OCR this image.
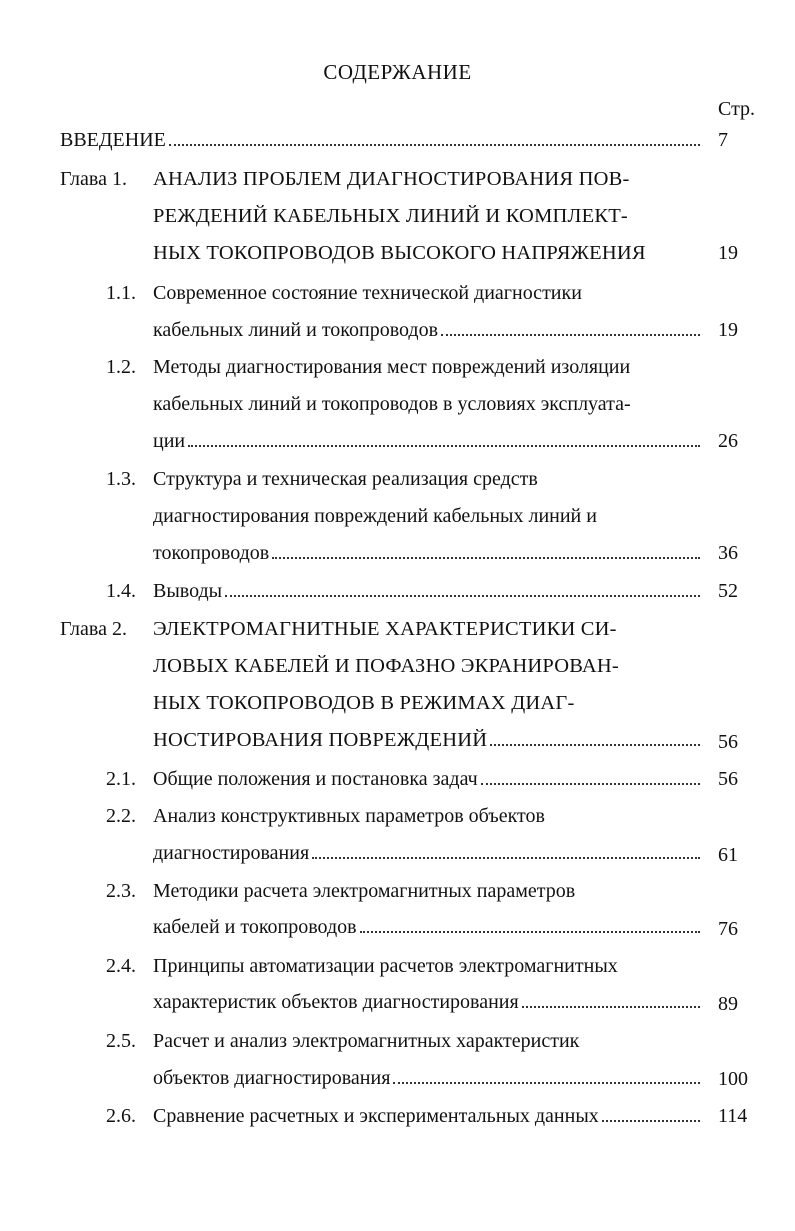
СОДЕРЖАНИЕ
Стр.
ВВЕДЕНИЕ	7
Глава 1. АНАЛИЗ ПРОБЛЕМ ДИАГНОСТИРОВАНИЯ ПОВ-
РЕЖДЕНИЙ КАБЕЛЬНЫХ ЛИНИЙ И КОМПЛЕКТ-
НЫХ ТОКОПРОВОДОВ ВЫСОКОГО НАПРЯЖЕНИЯ	19
1.1. Современное состояние технической диагностики
кабельных линий и токопроводов	19
1.2. Методы диагностирования мест повреждений изоляции
кабельных линий и токопроводов в условиях эксплуата-
ции	26
1.3. Структура и техническая реализация средств
диагностирования повреждений кабельных линий и
токопроводов	36
1.4. Выводы	52
Глава 2. ЭЛЕКТРОМАГНИТНЫЕ ХАРАКТЕРИСТИКИ СИ-
ЛОВЫХ КАБЕЛЕЙ И ПОФАЗНО ЭКРАНИРОВАН-
НЫХ ТОКОПРОВОДОВ В РЕЖИМАХ ДИАГ-
НОСТИРОВАНИЯ ПОВРЕЖДЕНИЙ	56
2.1. Общие положения и постановка задач	56
2.2. Анализ конструктивных параметров объектов
диагностирования	61
2.3. Методики расчета электромагнитных параметров
кабелей и токопроводов	76
2.4. Принципы автоматизации расчетов электромагнитных
характеристик объектов диагностирования	89
2.5. Расчет и анализ электромагнитных характеристик
объектов диагностирования	100
2.6. Сравнение расчетных и экспериментальных данных	114
